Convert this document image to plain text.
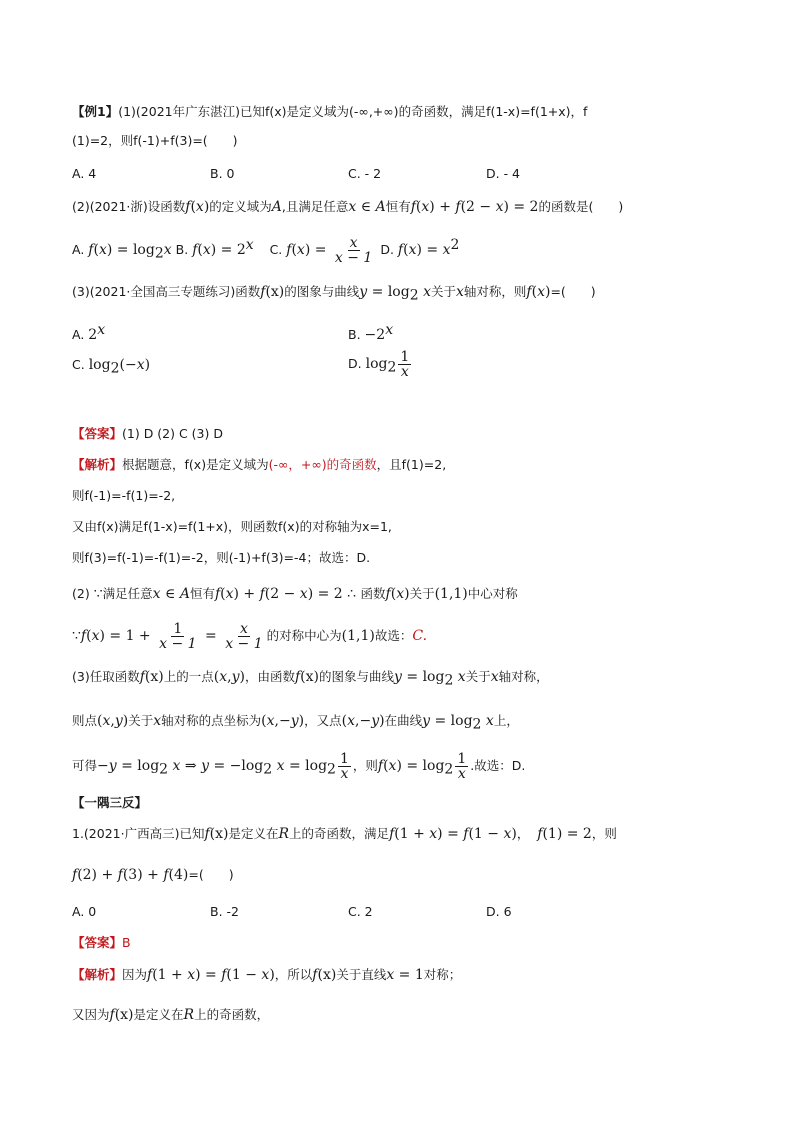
【例1】(1)(2021年广东湛江)已知f(x)是定义域为(-∞,+∞)的奇函数，满足f(1-x)=f(1+x)，f
(1)=2，则f(-1)+f(3)=(　　)
A. 4	B. 0	C. - 2	D. - 4
(2)(2021·浙)设函数f(x)的定义域为A,且满足任意x ∈ A恒有f(x) + f(2 − x) = 2的函数是(　　)
A. $f(x) = \log_2x$ B. $f(x) = 2^x$ C. $f(x) = \frac{x}{x - 1} D$. $f(x) = x^2$
(3)(2021·全国高三专题练习)函数f(x)的图象与曲线$y = \log_2 x$关于x轴对称，则f(x)=(　　)
A. 2$^x$	B. $-2^x$
C. $\log_2(-x)$	D. $\log_2 \frac{1}{x}$
【答案】(1) D (2) C (3) D
【解析】根据题意，f(x)是定义域为(-∞，+∞)的奇函数，且f(1)=2,
则f(-1)=-f(1)=-2,
又由f(x)满足f(1-x)=f(1+x)，则函数f(x)的对称轴为x=1,
则f(3)=f(-1)=-f(1)=-2，则(-1)+f(3)=-4；故选：D.
(2) ∵满足任意x ∈ A恒有f(x) + f(2 − x) = 2 ∴ 函数f(x)关于(1,1)中心对称
∵f(x) = $1 + \frac{1}{x - 1} = \frac{x}{x - 1}$ 的对称中心为(1,1)故选：C.
(3)任取函数f(x)上的一点(x,y)，由函数f(x)的图象与曲线$y = \log_2 x$关于x轴对称，
则点(x,y)关于x轴对称的点坐标为(x,−y)，又点(x,−y)在曲线$y = \log_2 x$上，
可得$-y = \log_2 x$ ⇒ $y = -\log_2$ $x = \log_2 \frac{1}{x}$ ，则$f(x) = \log_2 \frac{1}{x}$ .故选：D.
【一隅三反】
1.(2021·广西高三)已知f(x)是定义在R上的奇函数，满足f(1 + x) = f(1 − x)， f(1) = 2，则
f(2) + f(3) + f(4)=(　　)
A. 0	B. -2	C. 2	D. 6
【答案】B
【解析】因为f(1 + x) = f(1 − x)，所以f(x)关于直线x = 1对称；
又因为f(x)是定义在R上的奇函数，
